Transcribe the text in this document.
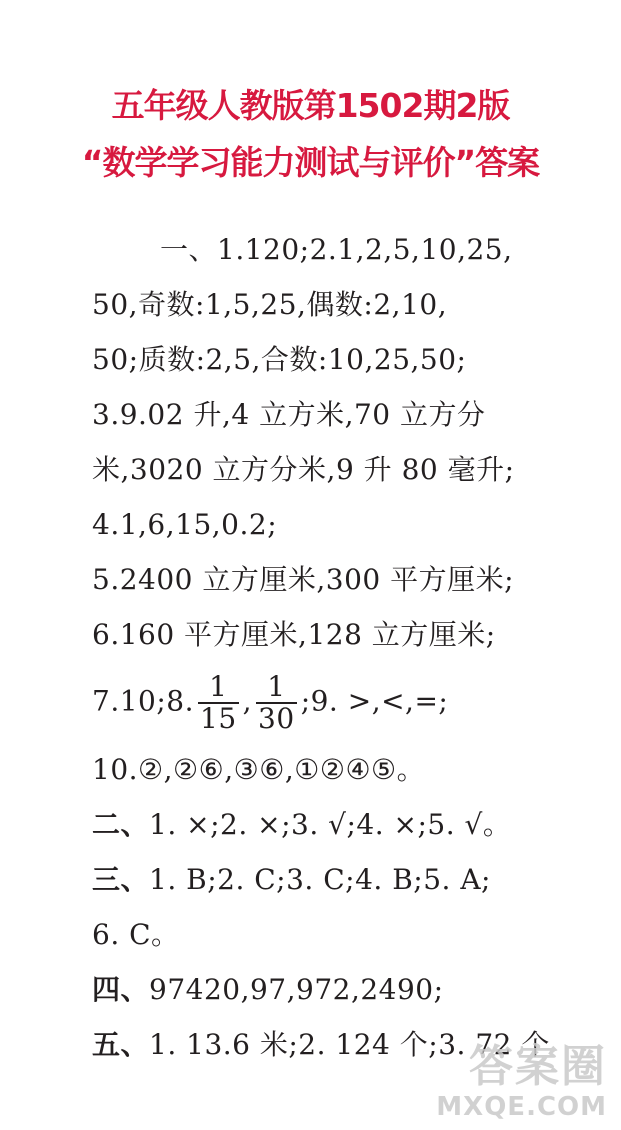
五年级人教版第1502期2版
“数学学习能力测试与评价”答案
一、1.120;2.1,2,5,10,25,
50,奇数:1,5,25,偶数:2,10,
50;质数:2,5,合数:10,25,50;
3.9.02 升,4 立方米,70 立方分
米,3020 立方分米,9 升 80 毫升;
4.1,6,15,0.2;
5.2400 立方厘米,300 平方厘米;
6.160 平方厘米,128 立方厘米;
7.10;8. $\frac{1}{15}$ , $\frac{1}{30}$ ;9. >,<,=;
10.②,②⑥,③⑥,①②④⑤。
二、1. ×;2. ×;3. √;4. ×;5. √。
三、1. B;2. C;3. C;4. B;5. A;
6. C。
四、97420,97,972,2490;
五、1. 13.6 米;2. 124 个;3. 72 个
答案圈
MXQE.COM
